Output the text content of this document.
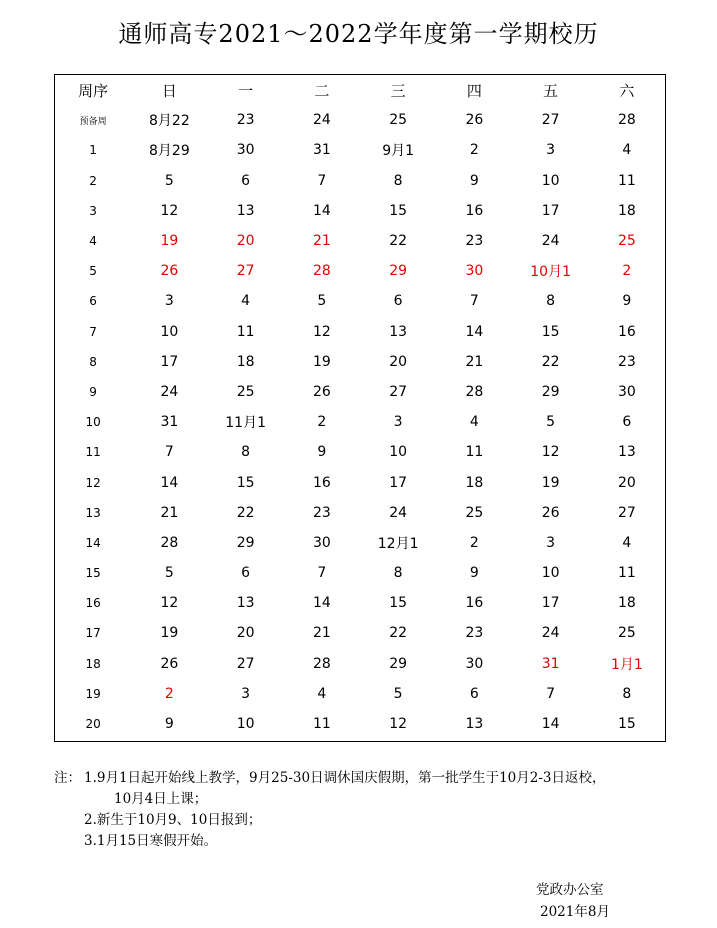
通师高专2021～2022学年度第一学期校历
周序	日	一	二	三	四	五	六
预备周	8月22	23	24	25	26	27	28
1	8月29	30	31	9月1	2	3	4
2	5	6	7	8	9	10	11
3	12	13	14	15	16	17	18
4	19	20	21	22	23	24	25
5	26	27	28	29	30	10月1	2
6	3	4	5	6	7	8	9
7	10	11	12	13	14	15	16
8	17	18	19	20	21	22	23
9	24	25	26	27	28	29	30
10	31	11月1	2	3	4	5	6
11	7	8	9	10	11	12	13
12	14	15	16	17	18	19	20
13	21	22	23	24	25	26	27
14	28	29	30	12月1	2	3	4
15	5	6	7	8	9	10	11
16	12	13	14	15	16	17	18
17	19	20	21	22	23	24	25
18	26	27	28	29	30	31	1月1
19	2	3	4	5	6	7	8
20	9	10	11	12	13	14	15
注： 1.9月1日起开始线上教学，9月25-30日调休国庆假期，第一批学生于10月2-3日返校，
10月4日上课；
2.新生于10月9、10日报到；
3.1月15日寒假开始。
党政办公室
2021年8月
